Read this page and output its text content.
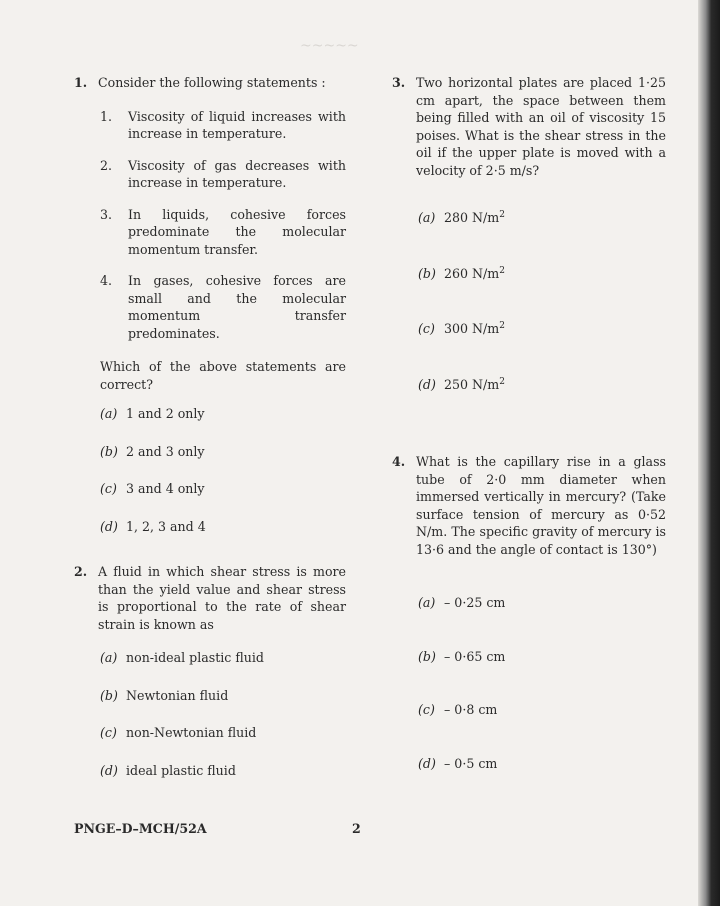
~~~~~
1. Consider the following statements :
1.	Viscosity of liquid increases with increase in temperature.
2.	Viscosity of gas decreases with increase in temperature.
3.	In liquids, cohesive forces predominate the molecular momentum transfer.
4.	In gases, cohesive forces are small and the molecular momentum transfer predominates.
Which of the above statements are correct?
(a) 1 and 2 only
(b) 2 and 3 only
(c) 3 and 4 only
(d) 1, 2, 3 and 4
2. A fluid in which shear stress is more than the yield value and shear stress is proportional to the rate of shear strain is known as
(a) non-ideal plastic fluid
(b) Newtonian fluid
(c) non-Newtonian fluid
(d) ideal plastic fluid
3. Two horizontal plates are placed 1·25 cm apart, the space between them being filled with an oil of viscosity 15 poises. What is the shear stress in the oil if the upper plate is moved with a velocity of 2·5 m/s?
(a) 280 $N/m^2$
(b) 260 $N/m^2$
(c) 300 $N/m^2$
(d) 250 $N/m^2$
4. What is the capillary rise in a glass tube of 2·0 mm diameter when immersed vertically in mercury? (Take surface tension of mercury as 0·52 N/m. The specific gravity of mercury is 13·6 and the angle of contact is 130°)
(a) – 0·25 cm
(b) – 0·65 cm
(c) – 0·8 cm
(d) – 0·5 cm
PNGE–D–MCH/52A	2
